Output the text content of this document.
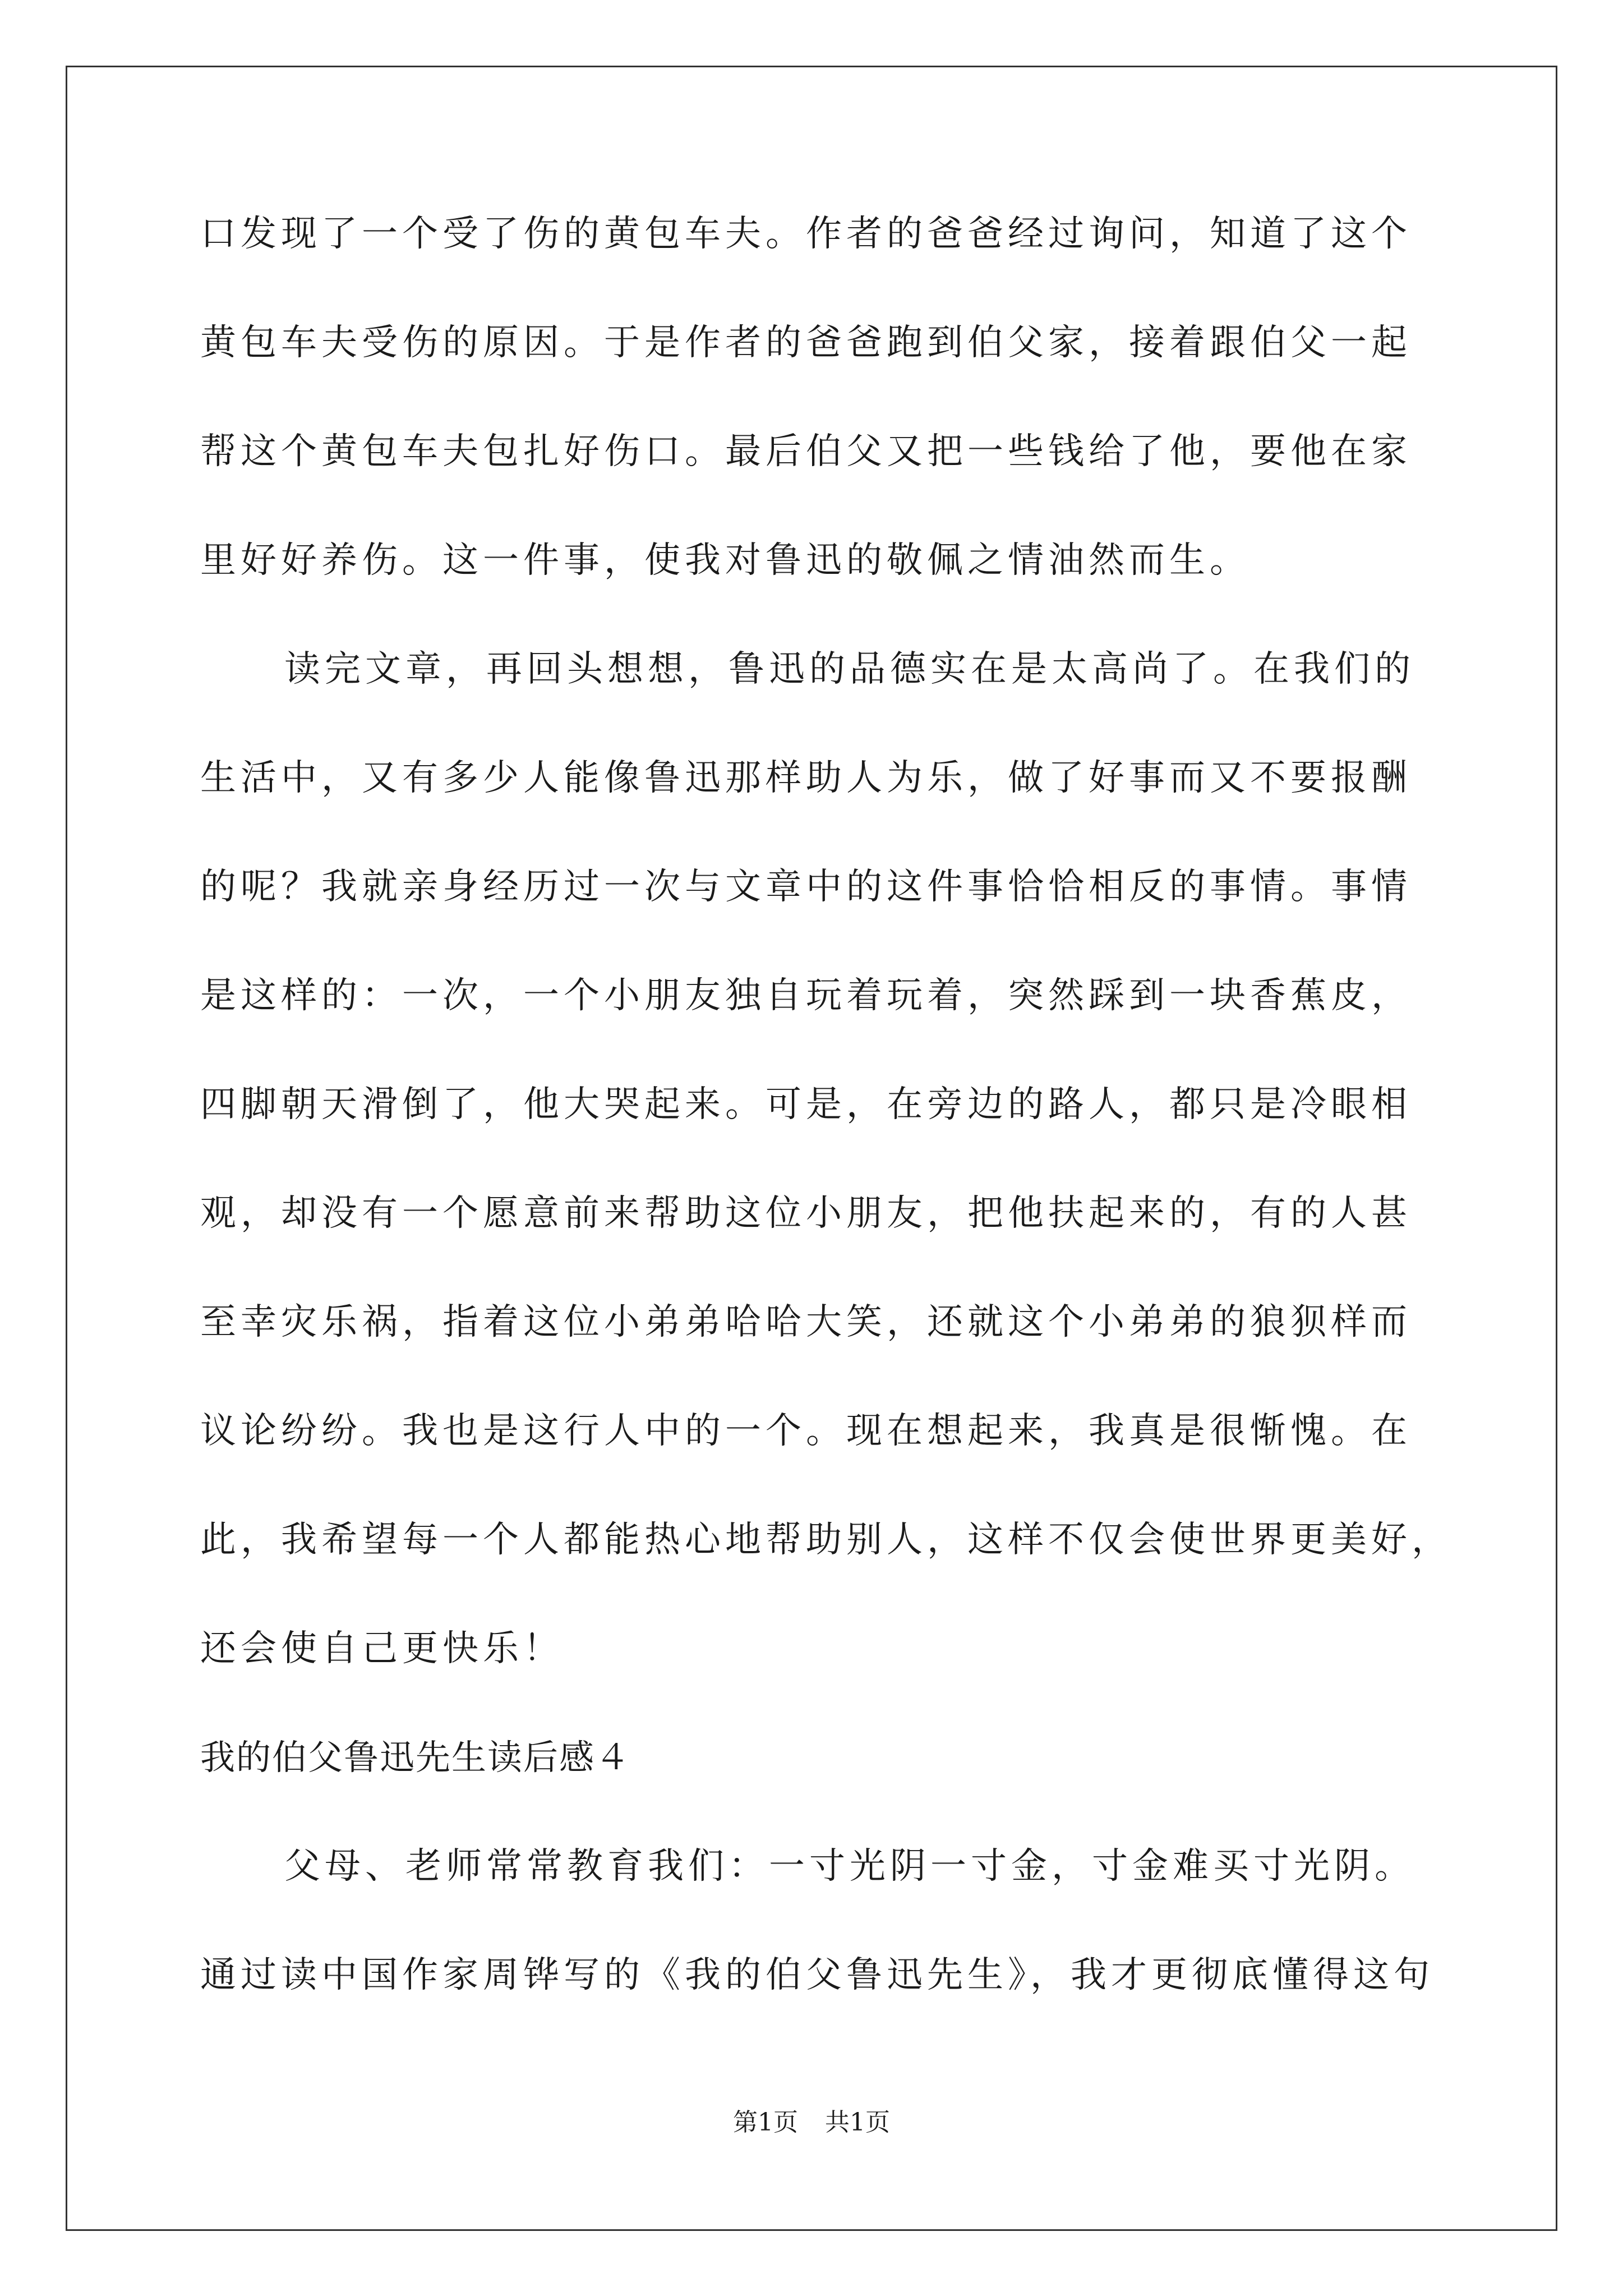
口发现了一个受了伤的黄包车夫。作者的爸爸经过询问，知道了这个
黄包车夫受伤的原因。于是作者的爸爸跑到伯父家，接着跟伯父一起
帮这个黄包车夫包扎好伤口。最后伯父又把一些钱给了他，要他在家
里好好养伤。这一件事，使我对鲁迅的敬佩之情油然而生。
读完文章，再回头想想，鲁迅的品德实在是太高尚了。在我们的
生活中，又有多少人能像鲁迅那样助人为乐，做了好事而又不要报酬
的呢？我就亲身经历过一次与文章中的这件事恰恰相反的事情。事情
是这样的：一次，一个小朋友独自玩着玩着，突然踩到一块香蕉皮，
四脚朝天滑倒了，他大哭起来。可是，在旁边的路人，都只是冷眼相
观，却没有一个愿意前来帮助这位小朋友，把他扶起来的，有的人甚
至幸灾乐祸，指着这位小弟弟哈哈大笑，还就这个小弟弟的狼狈样而
议论纷纷。我也是这行人中的一个。现在想起来，我真是很惭愧。在
此，我希望每一个人都能热心地帮助别人，这样不仅会使世界更美好，
还会使自己更快乐！
我的伯父鲁迅先生读后感４
父母、老师常常教育我们：一寸光阴一寸金，寸金难买寸光阴。
通过读中国作家周铧写的《我的伯父鲁迅先生》，我才更彻底懂得这句
第1页 共1页
